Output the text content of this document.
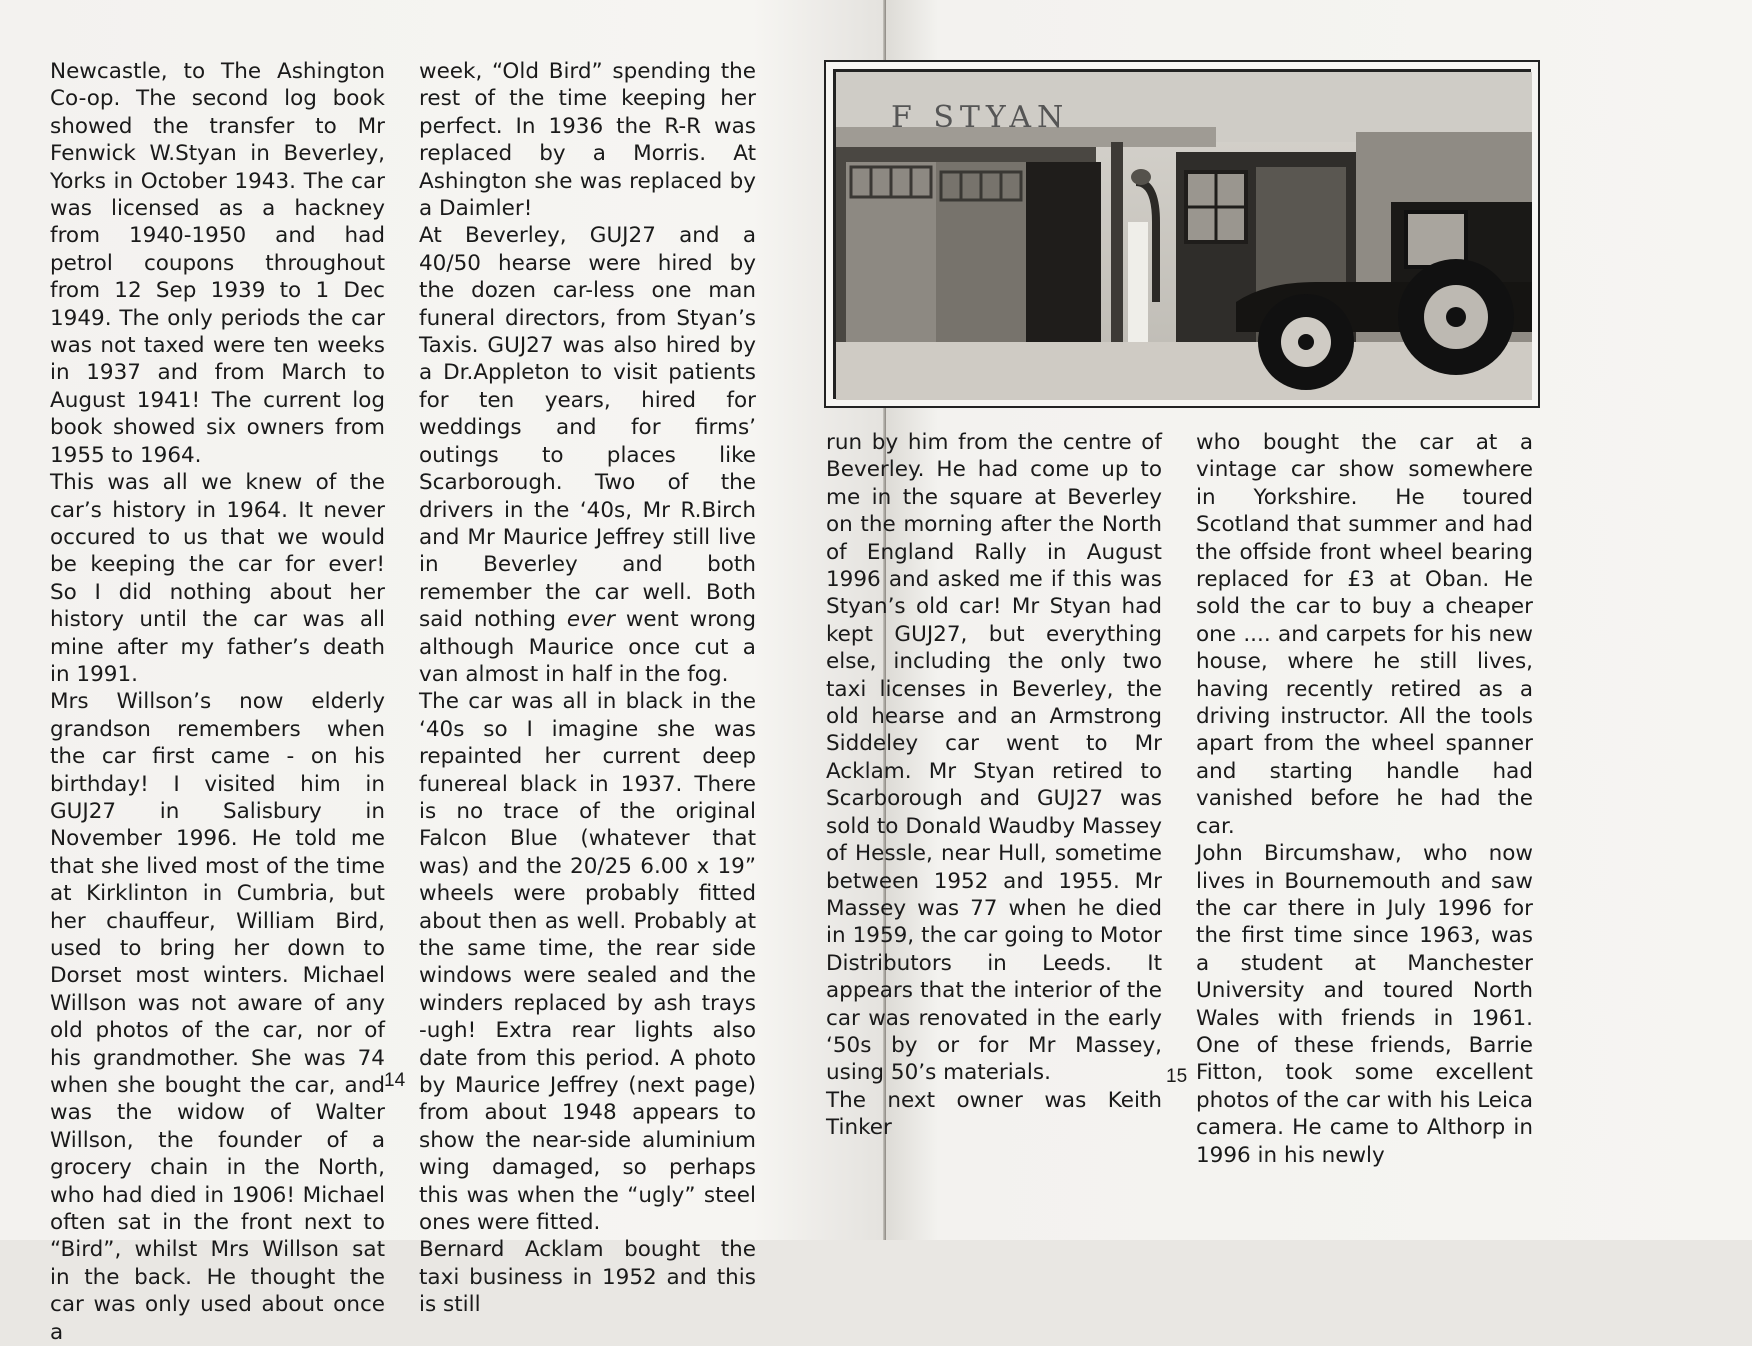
Newcastle, to The Ashington Co-op. The second log book showed the transfer to Mr Fenwick W.Styan in Beverley, Yorks in October 1943. The car was licensed as a hackney from 1940-1950 and had petrol coupons throughout from 12 Sep 1939 to 1 Dec 1949. The only periods the car was not taxed were ten weeks in 1937 and from March to August 1941! The current log book showed six owners from 1955 to 1964.

This was all we knew of the car’s history in 1964. It never occured to us that we would be keeping the car for ever! So I did nothing about her history until the car was all mine after my father’s death in 1991.

Mrs Willson’s now elderly grandson remembers when the car first came - on his birthday! I visited him in GUJ27 in Salisbury in November 1996. He told me that she lived most of the time at Kirklinton in Cumbria, but her chauffeur, William Bird, used to bring her down to Dorset most winters. Michael Willson was not aware of any old photos of the car, nor of his grandmother. She was 74 when she bought the car, and was the widow of Walter Willson, the founder of a grocery chain in the North, who had died in 1906! Michael often sat in the front next to “Bird”, whilst Mrs Willson sat in the back. He thought the car was only used about once a

week, “Old Bird” spending the rest of the time keeping her perfect. In 1936 the R-R was replaced by a Morris. At Ashington she was replaced by a Daimler!

At Beverley, GUJ27 and a 40/50 hearse were hired by the dozen car-less one man funeral directors, from Styan’s Taxis. GUJ27 was also hired by a Dr.Appleton to visit patients for ten years, hired for weddings and for firms’ outings to places like Scarborough. Two of the drivers in the ‘40s, Mr R.Birch and Mr Maurice Jeffrey still live in Beverley and both remember the car well. Both said nothing ever went wrong although Maurice once cut a van almost in half in the fog.

The car was all in black in the ‘40s so I imagine she was repainted her current deep funereal black in 1937. There is no trace of the original Falcon Blue (whatever that was) and the 20/25 6.00 x 19” wheels were probably fitted about then as well. Probably at the same time, the rear side windows were sealed and the winders replaced by ash trays -ugh! Extra rear lights also date from this period. A photo by Maurice Jeffrey (next page) from about 1948 appears to show the near-side aluminium wing damaged, so perhaps this was when the “ugly” steel ones were fitted.

Bernard Acklam bought the taxi business in 1952 and this is still

14
F STYAN

run by him from the centre of Beverley. He had come up to me in the square at Beverley on the morning after the North of England Rally in August 1996 and asked me if this was Styan’s old car! Mr Styan had kept GUJ27, but everything else, including the only two taxi licenses in Beverley, the old hearse and an Armstrong Siddeley car went to Mr Acklam. Mr Styan retired to Scarborough and GUJ27 was sold to Donald Waudby Massey of Hessle, near Hull, sometime between 1952 and 1955. Mr Massey was 77 when he died in 1959, the car going to Motor Distributors in Leeds. It appears that the interior of the car was renovated in the early ‘50s by or for Mr Massey, using 50’s materials.

The next owner was Keith Tinker

who bought the car at a vintage car show somewhere in Yorkshire. He toured Scotland that summer and had the offside front wheel bearing replaced for £3 at Oban. He sold the car to buy a cheaper one .... and carpets for his new house, where he still lives, having recently retired as a driving instructor. All the tools apart from the wheel spanner and starting handle had vanished before he had the car.

John Bircumshaw, who now lives in Bournemouth and saw the car there in July 1996 for the first time since 1963, was a student at Manchester University and toured North Wales with friends in 1961. One of these friends, Barrie Fitton, took some excellent photos of the car with his Leica camera. He came to Althorp in 1996 in his newly

15
